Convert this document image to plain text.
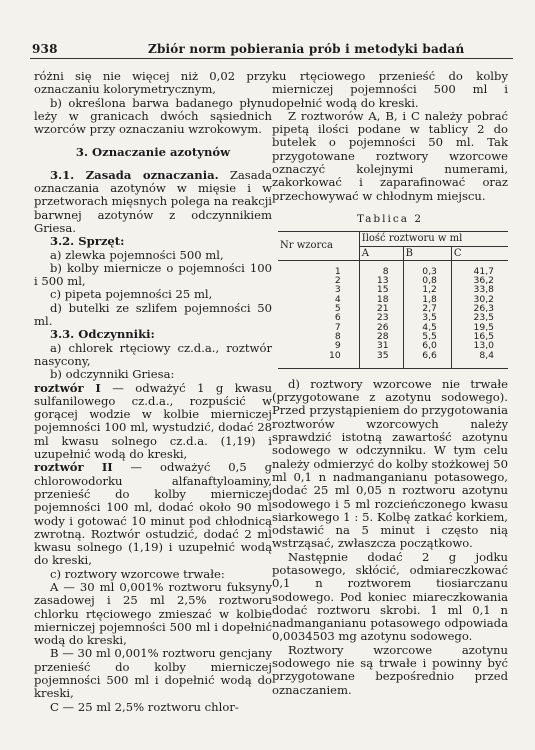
938	Zbiór norm pobierania prób i metodyki badań

różni się nie więcej niż 0,02 przy oznaczaniu kolorymetrycznym,

b) określona barwa badanego płynu leży w granicach dwóch sąsiednich wzorców przy oznaczaniu wzrokowym.

3. Oznaczanie azotynów

3.1. Zasada oznaczania. Zasada oznaczania azotynów w mięsie i w przetworach mięsnych polega na reakcji barwnej azotynów z odczynnikiem Griesa.

3.2. Sprzęt:

a) zlewka pojemności 500 ml,

b) kolby miernicze o pojemności 100 i 500 ml,

c) pipeta pojemności 25 ml,

d) butelki ze szlifem pojemności 50 ml.

3.3. Odczynniki:

a) chlorek rtęciowy cz.d.a., roztwór nasycony,

b) odczynniki Griesa:

roztwór I — odważyć 1 g kwasu sulfanilowego cz.d.a., rozpuścić w gorącej wodzie w kolbie mierniczej pojemności 100 ml, wystudzić, dodać 28 ml kwasu solnego cz.d.a. (1,19) i uzupełnić wodą do kreski,

roztwór II — odważyć 0,5 g chlorowodorku alfanaftyloaminy, przenieść do kolby mierniczej pojemności 100 ml, dodać około 90 ml wody i gotować 10 minut pod chłodnicą zwrotną. Roztwór ostudzić, dodać 2 ml kwasu solnego (1,19) i uzupełnić wodą do kreski,

c) roztwory wzorcowe trwałe:

A — 30 ml 0,001% roztworu fuksyny zasadowej i 25 ml 2,5% roztworu chlorku rtęciowego zmieszać w kolbie mierniczej pojemności 500 ml i dopełnić wodą do kreski,

B — 30 ml 0,001% roztworu gencjany przenieść do kolby mierniczej pojemności 500 ml i dopełnić wodą do kreski,

C — 25 ml 2,5% roztworu chlor-

ku rtęciowego przenieść do kolby mierniczej pojemności 500 ml i dopełnić wodą do kreski.

Z roztworów A, B, i C należy pobrać pipetą ilości podane w tablicy 2 do butelek o pojemności 50 ml. Tak przygotowane roztwory wzorcowe oznaczyć kolejnymi numerami, zakorkować i zaparafinować oraz przechowywać w chłodnym miejscu.

Tablica 2

Nr wzorca	Ilość roztworu w ml		
	A	B	C
1	8	0,3	41,7
2	13	0,8	36,2
3	15	1,2	33,8
4	18	1,8	30,2
5	21	2,7	26,3
6	23	3,5	23,5
7	26	4,5	19,5
8	28	5,5	16,5
9	31	6,0	13,0
10	35	6,6	8,4

d) roztwory wzorcowe nie trwałe (przygotowane z azotynu sodowego). Przed przystąpieniem do przygotowania roztworów wzorcowych należy sprawdzić istotną zawartość azotynu sodowego w odczynniku. W tym celu należy odmierzyć do kolby stożkowej 50 ml 0,1 n nadmanganianu potasowego, dodać 25 ml 0,05 n roztworu azotynu sodowego i 5 ml rozcieńczonego kwasu siarkowego 1 : 5. Kolbę zatkać korkiem, odstawić na 5 minut i często nią wstrząsać, zwłaszcza początkowo.

Następnie dodać 2 g jodku potasowego, skłócić, odmiareczkować 0,1 n roztworem tiosiarczanu sodowego. Pod koniec miareczkowania dodać roztworu skrobi. 1 ml 0,1 n nadmanganianu potasowego odpowiada 0,0034503 mg azotynu sodowego.

Roztwory wzorcowe azotynu sodowego nie są trwałe i powinny być przygotowane bezpośrednio przed oznaczaniem.
